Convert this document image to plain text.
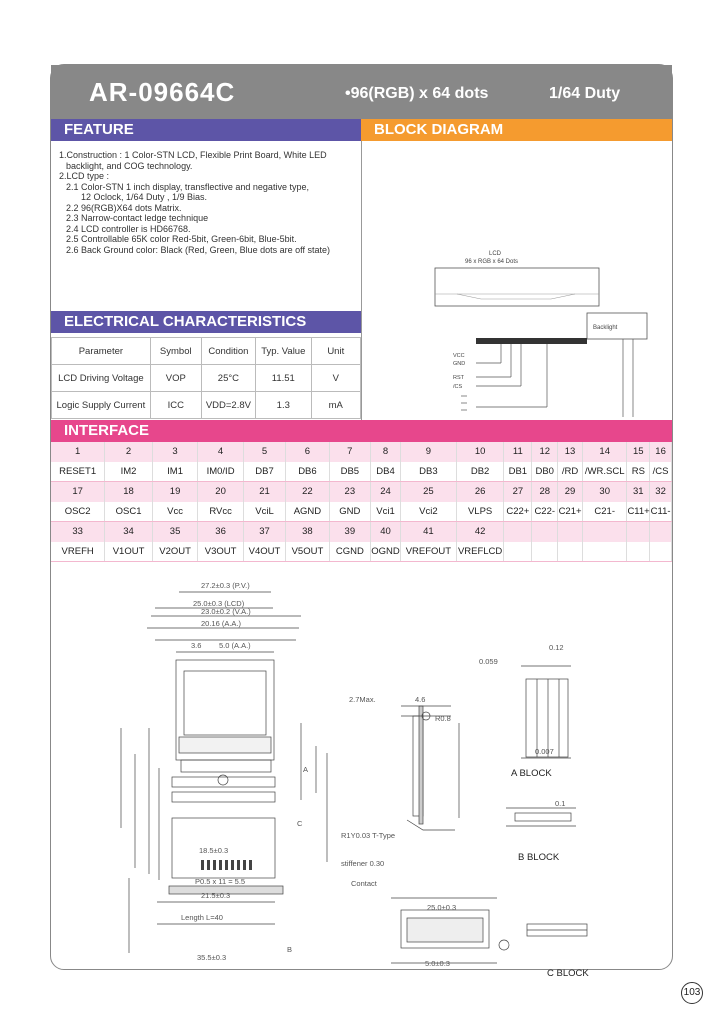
AR-09664C	•96(RGB) x 64 dots	1/64 Duty
FEATURE	BLOCK DIAGRAM
1.Construction : 1 Color-STN LCD, Flexible Print Board, White LED
backlight, and COG technology.
2.LCD type :
2.1 Color-STN 1 inch display, transflective and negative type,
12 Oclock, 1/64 Duty , 1/9 Bias.
2.2 96(RGB)X64 dots Matrix.
2.3 Narrow-contact ledge technique
2.4 LCD controller is HD66768.
2.5 Controllable 65K color Red-5bit, Green-6bit, Blue-5bit.
2.6 Back Ground color: Black (Red, Green, Blue dots are off state)	LCD
96 x RGB x 64 Dots
Backlight
VCC
GND
RST
/CS
ELECTRICAL CHARACTERISTICS
Parameter	Symbol	Condition	Typ. Value	Unit
LCD Driving Voltage	VOP	25°C	11.51	V
Logic Supply Current	ICC	VDD=2.8V	1.3	mA
INTERFACE
1	2	3	4	5	6	7	8	9	10	11	12	13	14	15	16
RESET1	IM2	IM1	IM0/ID	DB7	DB6	DB5	DB4	DB3	DB2	DB1	DB0	/RD	/WR.SCL	RS	/CS
17	18	19	20	21	22	23	24	25	26	27	28	29	30	31	32
OSC2	OSC1	Vcc	RVcc	VciL	AGND	GND	Vci1	Vci2	VLPS	C22+	C22-	C21+	C21-	C11+	C11-
33	34	35	36	37	38	39	40	41	42						
VREFH	V1OUT	V2OUT	V3OUT	V4OUT	V5OUT	CGND	OGND	VREFOUT	VREFLCD						
27.2±0.3 (P.V.)
25.0±0.3 (LCD)
23.0±0.2 (V.A.)
20.16 (A.A.)
3.6 5.0 (A.A.)
2.7Max.	4.6
R0.8
R1Y0.03 T-Type
stiffener 0.30
Contact
18.5±0.3
P0.5 x 11 = 5.5
21.5±0.3
Length L=40
35.5±0.3
B
C
A
0.12
0.059
0.007
0.1
25.0±0.3
5.0±0.3
A BLOCK
B BLOCK
C BLOCK
103
